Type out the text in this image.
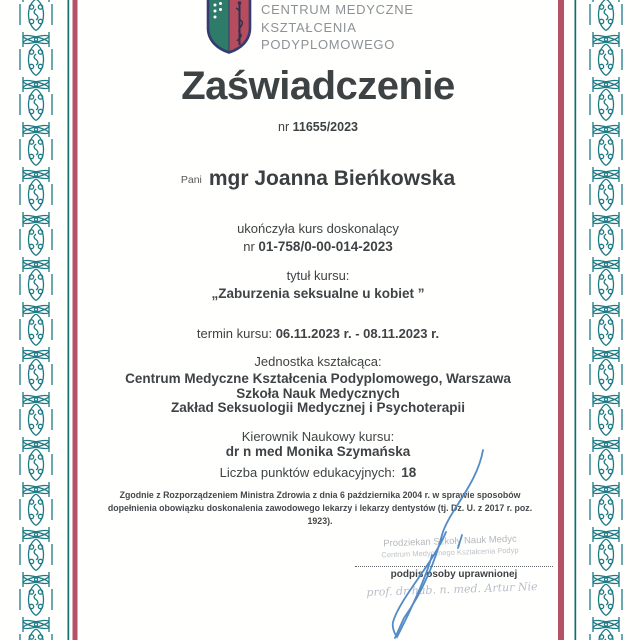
CENTRUM MEDYCZNE
KSZTAŁCENIA
PODYPLOMOWEGO
Zaświadczenie
nr 11655/2023
Pani mgr Joanna Bieńkowska
ukończyła kurs doskonalący
nr 01-758/0-00-014-2023
tytuł kursu:
„Zaburzenia seksualne u kobiet ”
termin kursu: 06.11.2023 r. - 08.11.2023 r.
Jednostka kształcąca:
Centrum Medyczne Kształcenia Podyplomowego, Warszawa
Szkoła Nauk Medycznych
Zakład Seksuologii Medycznej i Psychoterapii
Kierownik Naukowy kursu:
dr n med Monika Szymańska
Liczba punktów edukacyjnych: 18
Zgodnie z Rozporządzeniem Ministra Zdrowia z dnia 6 października 2004 r. w sprawie sposobów dopełnienia obowiązku doskonalenia zawodowego lekarzy i lekarzy dentystów (tj. Dz. U. z 2017 r. poz. 1923).
Prodziekan Szkoły Nauk Medyc
Centrum Medycznego Kształcenia Podyp
podpis osoby uprawnionej
prof. dr hab. n. med. Artur Nie
